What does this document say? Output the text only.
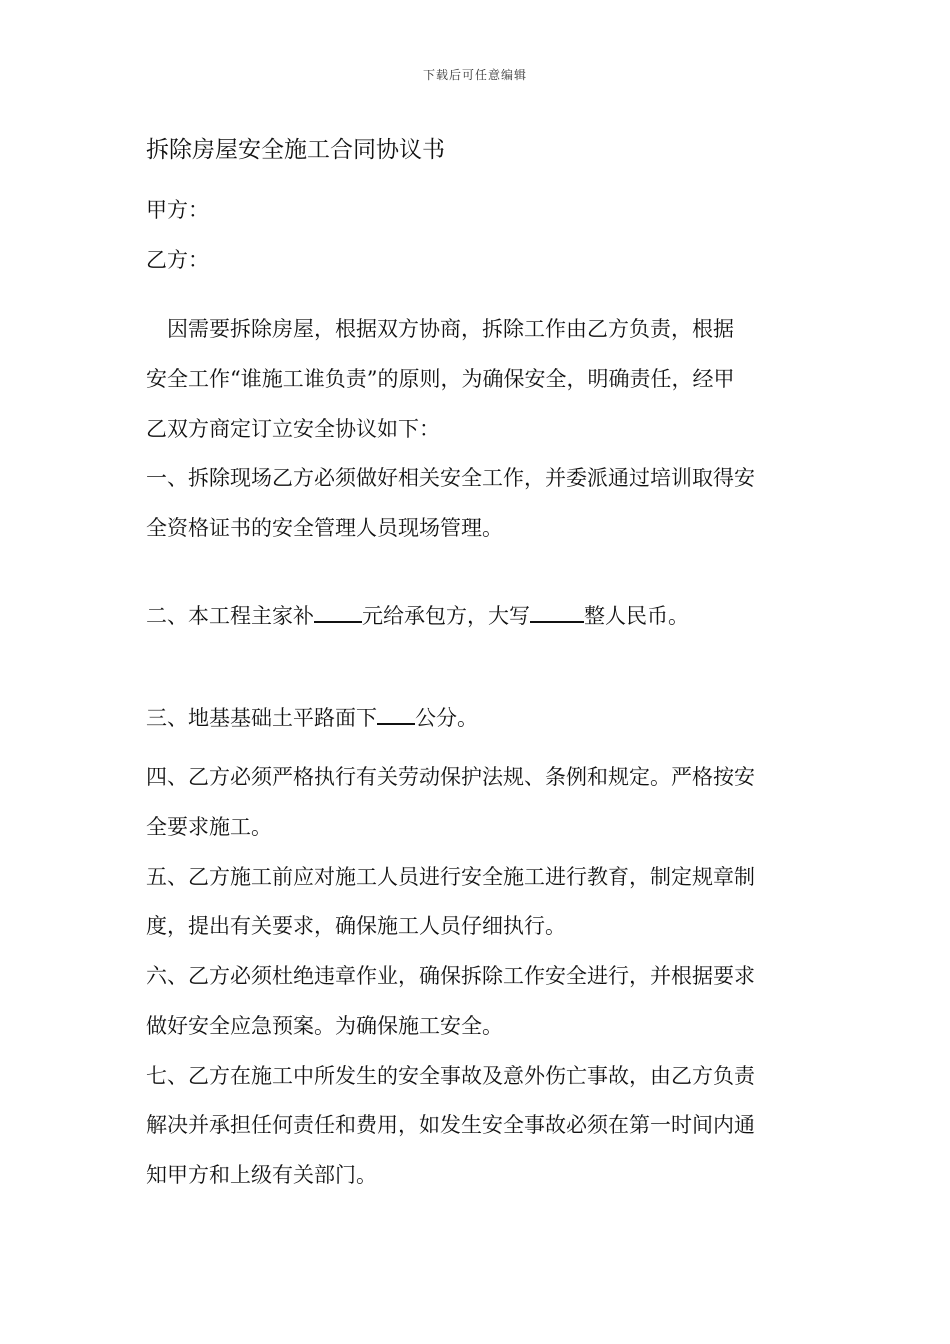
下载后可任意编辑
拆除房屋安全施工合同协议书
甲方：
乙方：
　因需要拆除房屋，根据双方协商，拆除工作由乙方负责，根据
安全工作“谁施工谁负责”的原则，为确保安全，明确责任，经甲
乙双方商定订立安全协议如下：
一、拆除现场乙方必须做好相关安全工作，并委派通过培训取得安
全资格证书的安全管理人员现场管理。
二、本工程主家补 元给承包方，大写	整人民币。
三、地基基础土平路面下 公分。
四、乙方必须严格执行有关劳动保护法规、条例和规定。严格按安
全要求施工。
五、乙方施工前应对施工人员进行安全施工进行教育，制定规章制
度，提出有关要求，确保施工人员仔细执行。
六、乙方必须杜绝违章作业，确保拆除工作安全进行，并根据要求
做好安全应急预案。为确保施工安全。
七、乙方在施工中所发生的安全事故及意外伤亡事故，由乙方负责
解决并承担任何责任和费用，如发生安全事故必须在第一时间内通
知甲方和上级有关部门。
